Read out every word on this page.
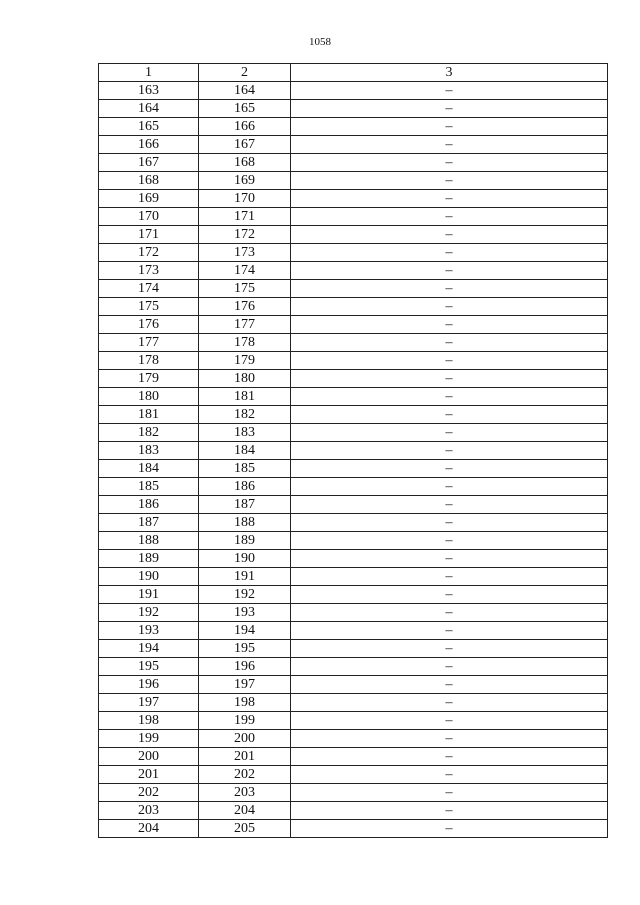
1058
1	2	3
163	164	–
164	165	–
165	166	–
166	167	–
167	168	–
168	169	–
169	170	–
170	171	–
171	172	–
172	173	–
173	174	–
174	175	–
175	176	–
176	177	–
177	178	–
178	179	–
179	180	–
180	181	–
181	182	–
182	183	–
183	184	–
184	185	–
185	186	–
186	187	–
187	188	–
188	189	–
189	190	–
190	191	–
191	192	–
192	193	–
193	194	–
194	195	–
195	196	–
196	197	–
197	198	–
198	199	–
199	200	–
200	201	–
201	202	–
202	203	–
203	204	–
204	205	–
